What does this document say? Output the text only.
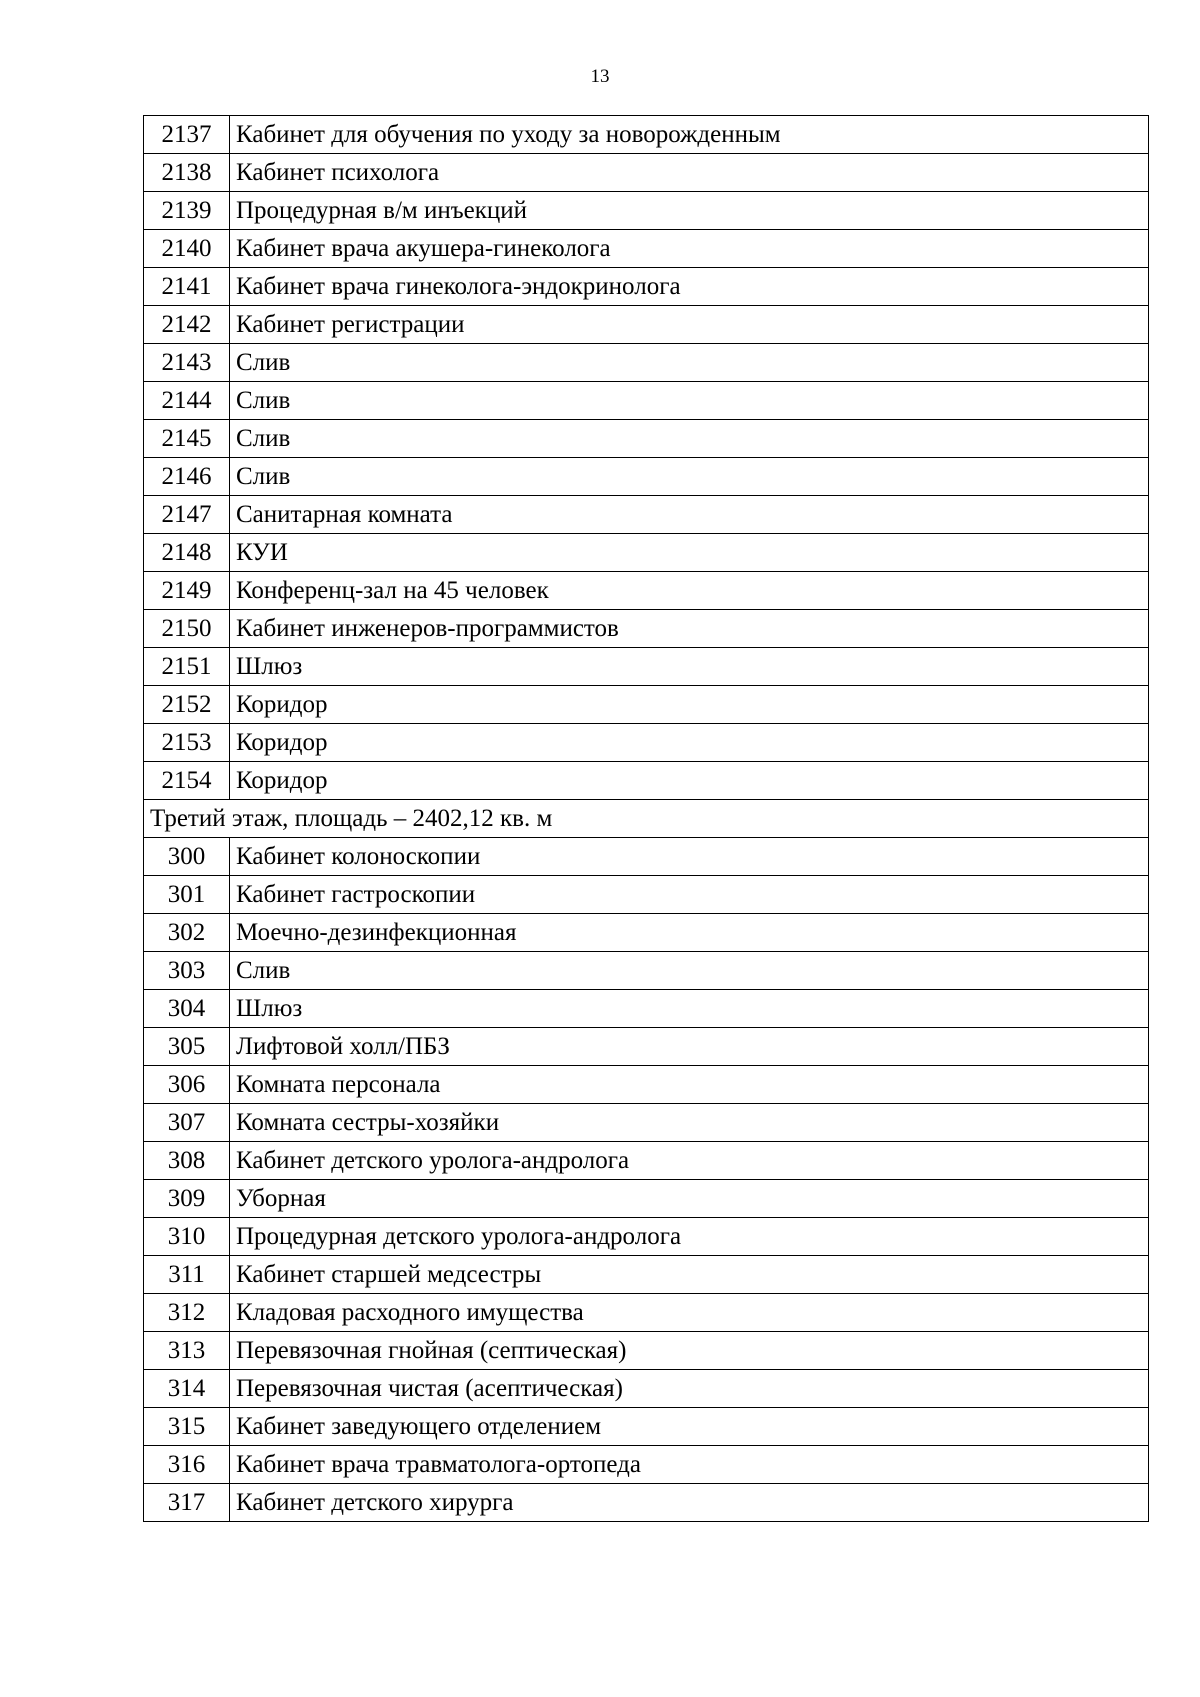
13
2137	Кабинет для обучения по уходу за новорожденным
2138	Кабинет психолога
2139	Процедурная в/м инъекций
2140	Кабинет врача акушера-гинеколога
2141	Кабинет врача гинеколога-эндокринолога
2142	Кабинет регистрации
2143	Слив
2144	Слив
2145	Слив
2146	Слив
2147	Санитарная комната
2148	КУИ
2149	Конференц-зал на 45 человек
2150	Кабинет инженеров-программистов
2151	Шлюз
2152	Коридор
2153	Коридор
2154	Коридор
Третий этаж, площадь – 2402,12 кв. м	
300	Кабинет колоноскопии
301	Кабинет гастроскопии
302	Моечно-дезинфекционная
303	Слив
304	Шлюз
305	Лифтовой холл/ПБЗ
306	Комната персонала
307	Комната сестры-хозяйки
308	Кабинет детского уролога-андролога
309	Уборная
310	Процедурная детского уролога-андролога
311	Кабинет старшей медсестры
312	Кладовая расходного имущества
313	Перевязочная гнойная (септическая)
314	Перевязочная чистая (асептическая)
315	Кабинет заведующего отделением
316	Кабинет врача травматолога-ортопеда
317	Кабинет детского хирурга
